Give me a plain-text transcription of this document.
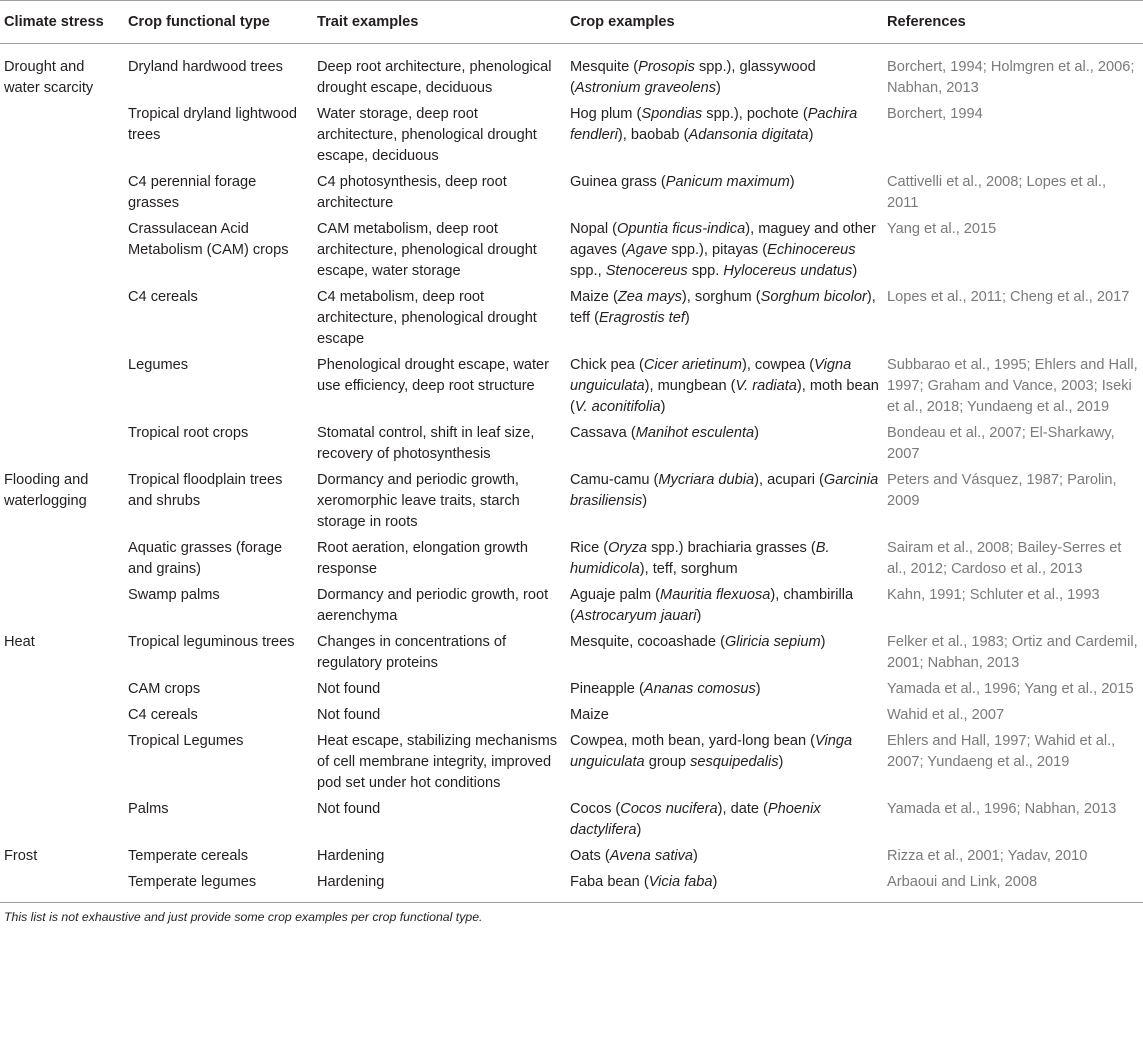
Climate stress	Crop functional type	Trait examples	Crop examples	References
Drought and water scarcity	Dryland hardwood trees	Deep root architecture, phenological drought escape, deciduous	Mesquite (Prosopis spp.), glassywood (Astronium graveolens)	Borchert, 1994; Holmgren et al., 2006; Nabhan, 2013
	Tropical dryland lightwood trees	Water storage, deep root architecture, phenological drought escape, deciduous	Hog plum (Spondias spp.), pochote (Pachira fendleri), baobab (Adansonia digitata)	Borchert, 1994
	C4 perennial forage grasses	C4 photosynthesis, deep root architecture	Guinea grass (Panicum maximum)	Cattivelli et al., 2008; Lopes et al., 2011
	Crassulacean Acid Metabolism (CAM) crops	CAM metabolism, deep root architecture, phenological drought escape, water storage	Nopal (Opuntia ficus-indica), maguey and other agaves (Agave spp.), pitayas (Echinocereus spp., Stenocereus spp. Hylocereus undatus)	Yang et al., 2015
	C4 cereals	C4 metabolism, deep root architecture, phenological drought escape	Maize (Zea mays), sorghum (Sorghum bicolor), teff (Eragrostis tef)	Lopes et al., 2011; Cheng et al., 2017
	Legumes	Phenological drought escape, water use efficiency, deep root structure	Chick pea (Cicer arietinum), cowpea (Vigna unguiculata), mungbean (V. radiata), moth bean (V. aconitifolia)	Subbarao et al., 1995; Ehlers and Hall, 1997; Graham and Vance, 2003; Iseki et al., 2018; Yundaeng et al., 2019
	Tropical root crops	Stomatal control, shift in leaf size, recovery of photosynthesis	Cassava (Manihot esculenta)	Bondeau et al., 2007; El-Sharkawy, 2007
Flooding and waterlogging	Tropical floodplain trees and shrubs	Dormancy and periodic growth, xeromorphic leave traits, starch storage in roots	Camu-camu (Mycriara dubia), acupari (Garcinia brasiliensis)	Peters and Vásquez, 1987; Parolin, 2009
	Aquatic grasses (forage and grains)	Root aeration, elongation growth response	Rice (Oryza spp.) brachiaria grasses (B. humidicola), teff, sorghum	Sairam et al., 2008; Bailey-Serres et al., 2012; Cardoso et al., 2013
	Swamp palms	Dormancy and periodic growth, root aerenchyma	Aguaje palm (Mauritia flexuosa), chambirilla (Astrocaryum jauari)	Kahn, 1991; Schluter et al., 1993
Heat	Tropical leguminous trees	Changes in concentrations of regulatory proteins	Mesquite, cocoashade (Gliricia sepium)	Felker et al., 1983; Ortiz and Cardemil, 2001; Nabhan, 2013
	CAM crops	Not found	Pineapple (Ananas comosus)	Yamada et al., 1996; Yang et al., 2015
	C4 cereals	Not found	Maize	Wahid et al., 2007
	Tropical Legumes	Heat escape, stabilizing mechanisms of cell membrane integrity, improved pod set under hot conditions	Cowpea, moth bean, yard-long bean (Vinga unguiculata group sesquipedalis)	Ehlers and Hall, 1997; Wahid et al., 2007; Yundaeng et al., 2019
	Palms	Not found	Cocos (Cocos nucifera), date (Phoenix dactylifera)	Yamada et al., 1996; Nabhan, 2013
Frost	Temperate cereals	Hardening	Oats (Avena sativa)	Rizza et al., 2001; Yadav, 2010
	Temperate legumes	Hardening	Faba bean (Vicia faba)	Arbaoui and Link, 2008
This list is not exhaustive and just provide some crop examples per crop functional type.
